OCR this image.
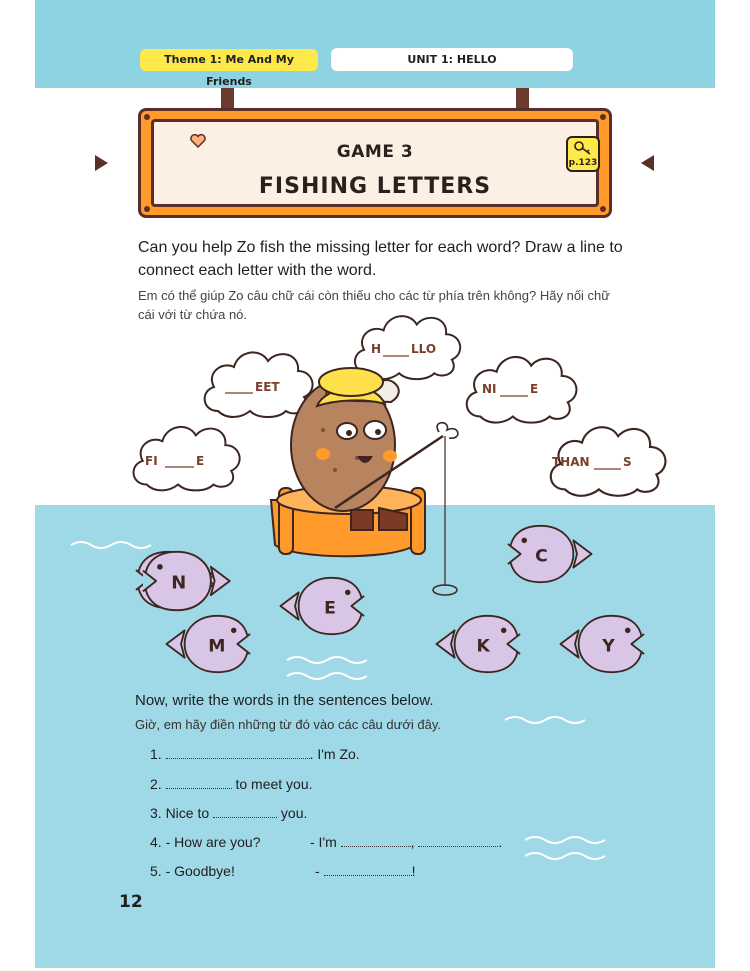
Theme 1: Me And My Friends
UNIT 1: HELLO
GAME 3
FISHING LETTERS
p.123
Can you help Zo fish the missing letter for each word? Draw a line to connect each letter with the word.
Em có thể giúp Zo câu chữ cái còn thiếu cho các từ phía trên không? Hãy nối chữ cái với từ chứa nó.
FI	E
EET
H LLO
NI	E
THAN	S
N
E
C
M	K	Y
Now, write the words in the sentences below.
Giờ, em hãy điền những từ đó vào các câu dưới đây.
1.	. I'm Zo.
2.	to meet you.
3. Nice to	you.
4. - How are you?	- I'm	,	.
5. - Goodbye!	-	!
12
